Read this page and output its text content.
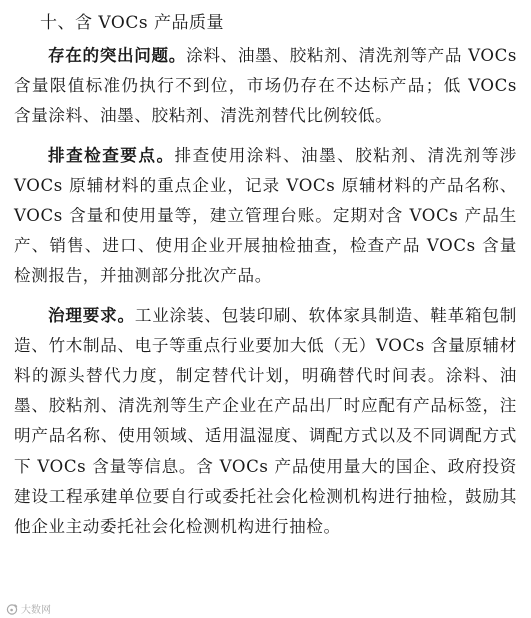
十、含 VOCs 产品质量

存在的突出问题。涂料、油墨、胶粘剂、清洗剂等产品 VOCs 含量限值标准仍执行不到位，市场仍存在不达标产品；低 VOCs 含量涂料、油墨、胶粘剂、清洗剂替代比例较低。

排查检查要点。排查使用涂料、油墨、胶粘剂、清洗剂等涉 VOCs 原辅材料的重点企业，记录 VOCs 原辅材料的产品名称、VOCs 含量和使用量等，建立管理台账。定期对含 VOCs 产品生产、销售、进口、使用企业开展抽检抽查，检查产品 VOCs 含量检测报告，并抽测部分批次产品。

治理要求。工业涂装、包装印刷、软体家具制造、鞋革箱包制造、竹木制品、电子等重点行业要加大低（无）VOCs 含量原辅材料的源头替代力度，制定替代计划，明确替代时间表。涂料、油墨、胶粘剂、清洗剂等生产企业在产品出厂时应配有产品标签，注明产品名称、使用领域、适用温湿度、调配方式以及不同调配方式下 VOCs 含量等信息。含 VOCs 产品使用量大的国企、政府投资建设工程承建单位要自行或委托社会化检测机构进行抽检，鼓励其他企业主动委托社会化检测机构进行抽检。

大数网
